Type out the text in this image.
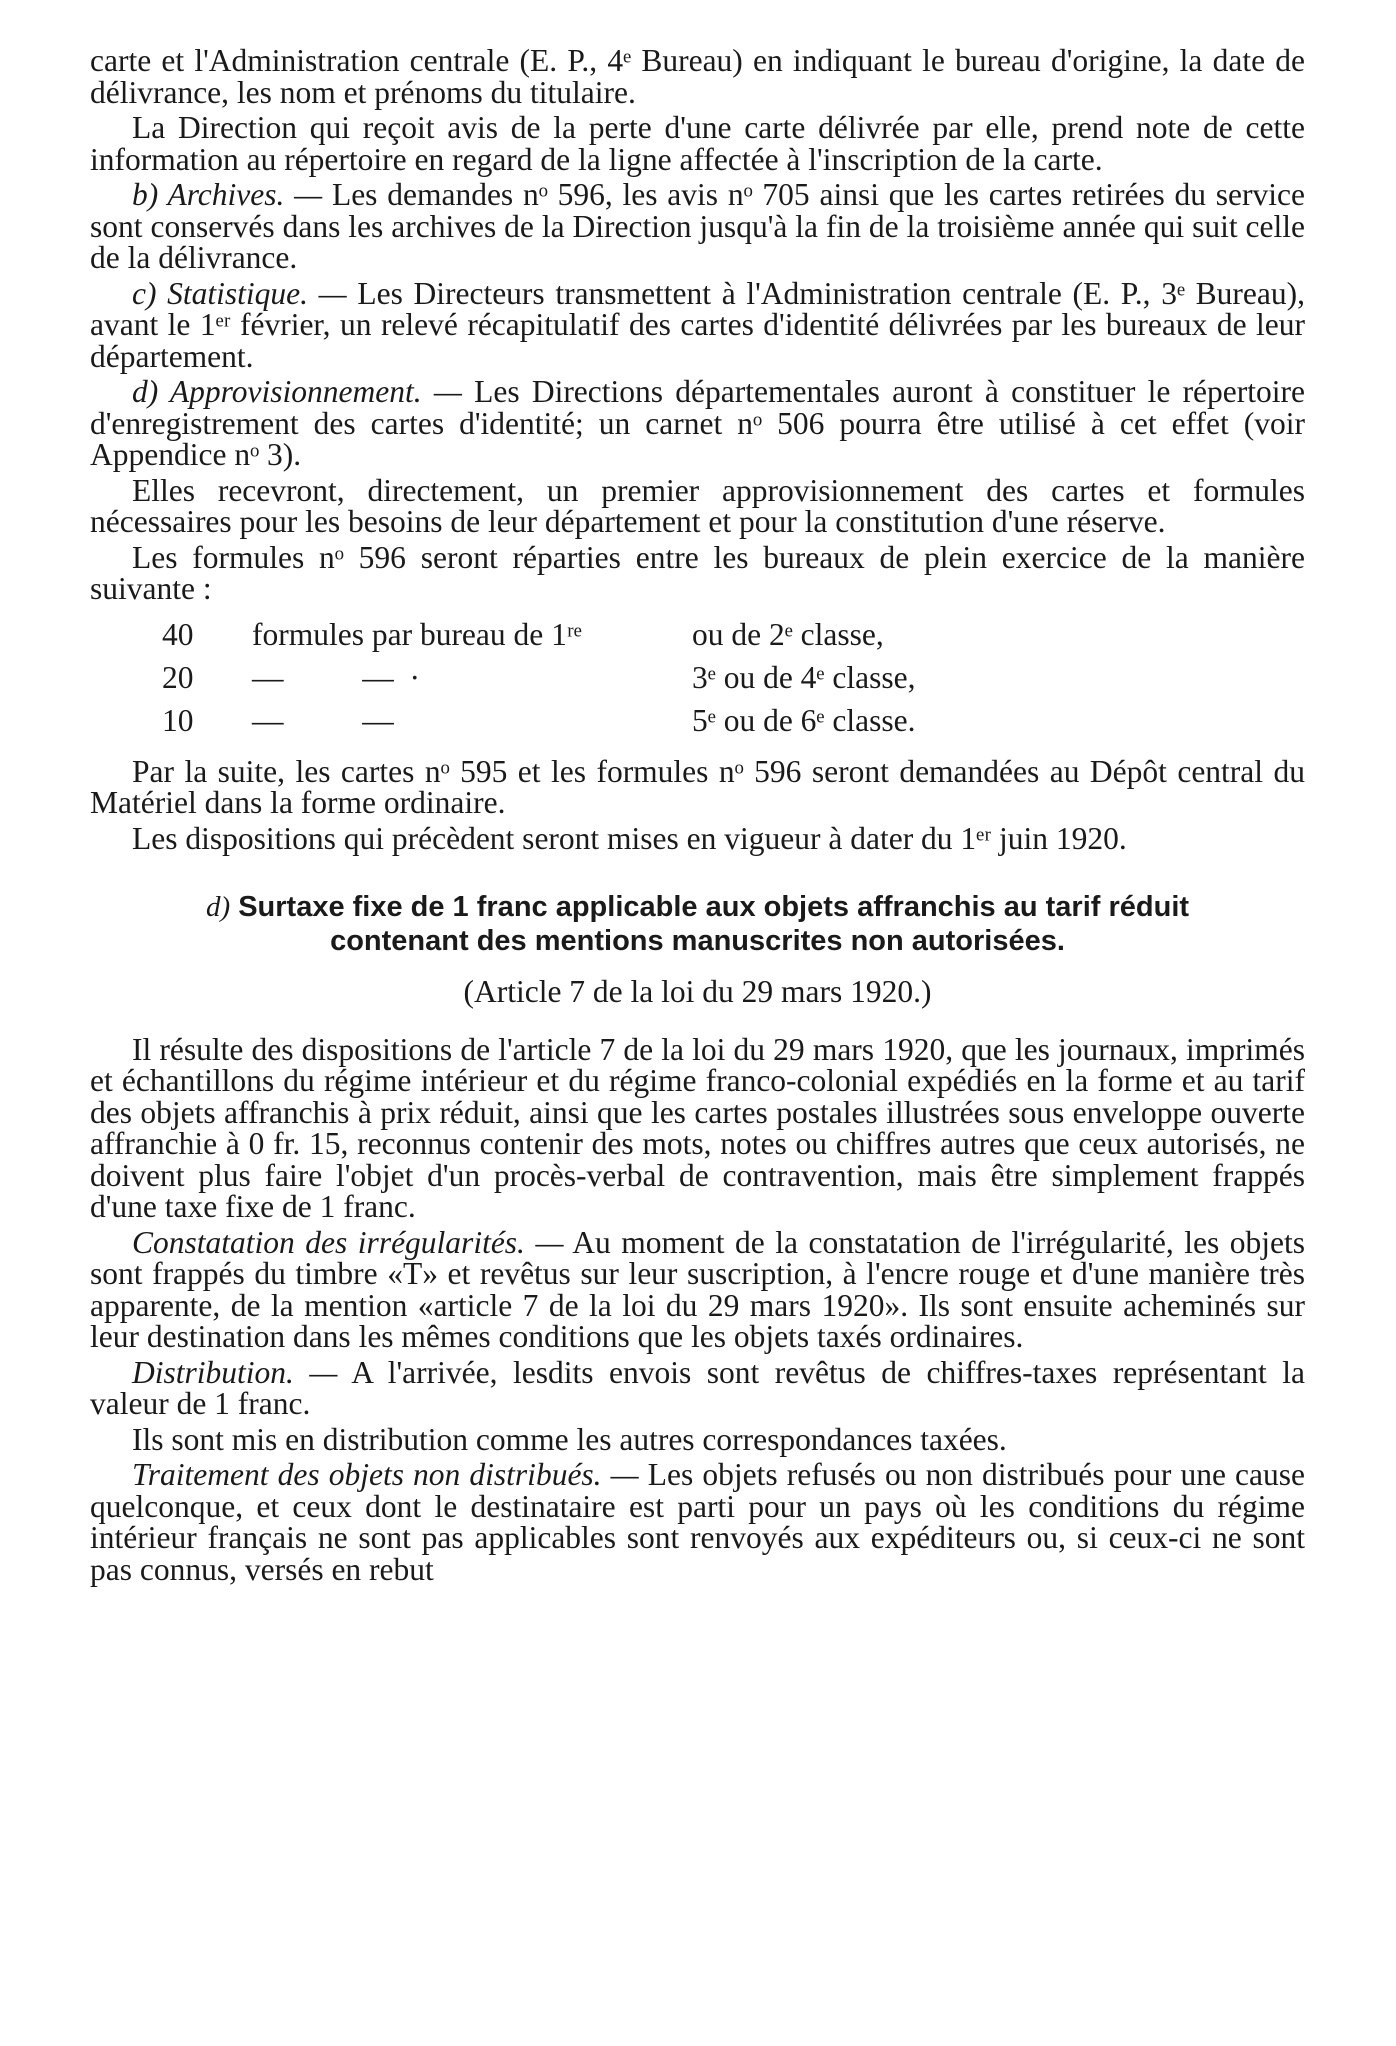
carte et l'Administration centrale (E. P., 4ᵉ Bureau) en indiquant le bureau d'origine, la date de délivrance, les nom et prénoms du titulaire.

La Direction qui reçoit avis de la perte d'une carte délivrée par elle, prend note de cette information au répertoire en regard de la ligne affectée à l'inscription de la carte.

b) Archives. — Les demandes nᵒ 596, les avis nᵒ 705 ainsi que les cartes retirées du service sont conservés dans les archives de la Direction jusqu'à la fin de la troisième année qui suit celle de la délivrance.

c) Statistique. — Les Directeurs transmettent à l'Administration centrale (E. P., 3ᵉ Bureau), avant le 1ᵉʳ février, un relevé récapitulatif des cartes d'identité délivrées par les bureaux de leur département.

d) Approvisionnement. — Les Directions départementales auront à constituer le répertoire d'enregistrement des cartes d'identité; un carnet nᵒ 506 pourra être utilisé à cet effet (voir Appendice nᵒ 3).

Elles recevront, directement, un premier approvisionnement des cartes et formules nécessaires pour les besoins de leur département et pour la constitution d'une réserve.

Les formules nᵒ 596 seront réparties entre les bureaux de plein exercice de la manière suivante :

40	formules par bureau de 1ʳᵉ	ou de 2ᵉ classe,
20	—          —  ·	3ᵉ ou de 4ᵉ classe,
10	—          —	5ᵉ ou de 6ᵉ classe.

Par la suite, les cartes nᵒ 595 et les formules nᵒ 596 seront demandées au Dépôt central du Matériel dans la forme ordinaire.

Les dispositions qui précèdent seront mises en vigueur à dater du 1ᵉʳ juin 1920.

d) Surtaxe fixe de 1 franc applicable aux objets affranchis au tarif réduit
contenant des mentions manuscrites non autorisées.
(Article 7 de la loi du 29 mars 1920.)

Il résulte des dispositions de l'article 7 de la loi du 29 mars 1920, que les journaux, imprimés et échantillons du régime intérieur et du régime franco-colonial expédiés en la forme et au tarif des objets affranchis à prix réduit, ainsi que les cartes postales illustrées sous enveloppe ouverte affranchie à 0 fr. 15, reconnus contenir des mots, notes ou chiffres autres que ceux autorisés, ne doivent plus faire l'objet d'un procès-verbal de contravention, mais être simplement frappés d'une taxe fixe de 1 franc.

Constatation des irrégularités. — Au moment de la constatation de l'irrégularité, les objets sont frappés du timbre «T» et revêtus sur leur suscription, à l'encre rouge et d'une manière très apparente, de la mention «article 7 de la loi du 29 mars 1920». Ils sont ensuite acheminés sur leur destination dans les mêmes conditions que les objets taxés ordinaires.

Distribution. — A l'arrivée, lesdits envois sont revêtus de chiffres-taxes représentant la valeur de 1 franc.

Ils sont mis en distribution comme les autres correspondances taxées.

Traitement des objets non distribués. — Les objets refusés ou non distribués pour une cause quelconque, et ceux dont le destinataire est parti pour un pays où les conditions du régime intérieur français ne sont pas applicables sont renvoyés aux expéditeurs ou, si ceux-ci ne sont pas connus, versés en rebut
